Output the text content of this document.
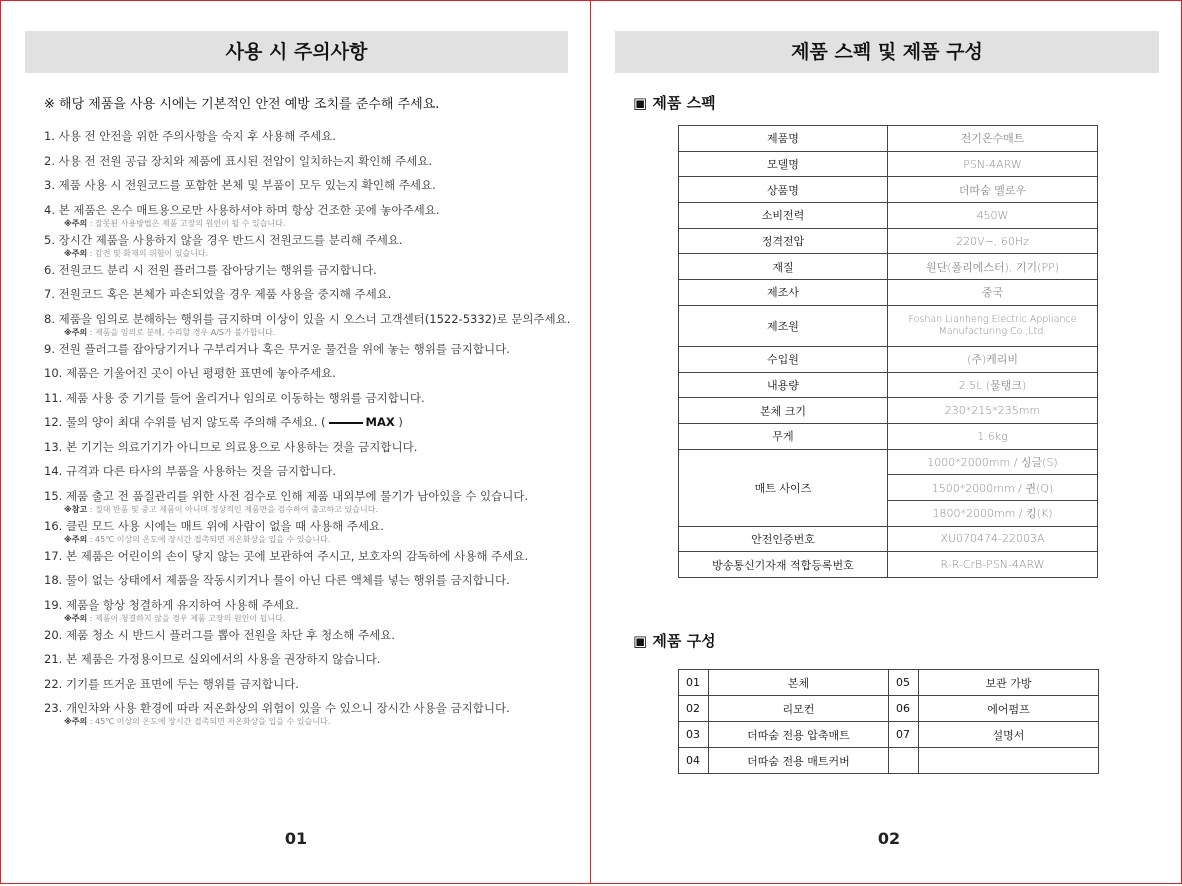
사용 시 주의사항
※ 해당 제품을 사용 시에는 기본적인 안전 예방 조치를 준수해 주세요.
1. 사용 전 안전을 위한 주의사항을 숙지 후 사용해 주세요.
2. 사용 전 전원 공급 장치와 제품에 표시된 전압이 일치하는지 확인해 주세요.
3. 제품 사용 시 전원코드를 포함한 본체 및 부품이 모두 있는지 확인해 주세요.
4. 본 제품은 온수 매트용으로만 사용하셔야 하며 항상 건조한 곳에 놓아주세요.
※주의 : 잘못된 사용방법은 제품 고장의 원인이 될 수 있습니다.
5. 장시간 제품을 사용하지 않을 경우 반드시 전원코드를 분리해 주세요.
※주의 : 감전 및 화재의 위험이 있습니다.
6. 전원코드 분리 시 전원 플러그를 잡아당기는 행위를 금지합니다.
7. 전원코드 혹은 본체가 파손되었을 경우 제품 사용을 중지해 주세요.
8. 제품을 임의로 분해하는 행위를 금지하며 이상이 있을 시 오스너 고객센터(1522-5332)로 문의주세요.
※주의 : 제품을 임의로 분해, 수리할 경우 A/S가 불가합니다.
9. 전원 플러그를 잡아당기거나 구부리거나 혹은 무거운 물건을 위에 놓는 행위를 금지합니다.
10. 제품은 기울어진 곳이 아닌 평평한 표면에 놓아주세요.
11. 제품 사용 중 기기를 들어 올리거나 임의로 이동하는 행위를 금지합니다.
12. 물의 양이 최대 수위를 넘지 않도록 주의해 주세요. (	MAX )
13. 본 기기는 의료기기가 아니므로 의료용으로 사용하는 것을 금지합니다.
14. 규격과 다른 타사의 부품을 사용하는 것을 금지합니다.
15. 제품 출고 전 품질관리를 위한 사전 검수로 인해 제품 내외부에 물기가 남아있을 수 있습니다.
※참고 : 절대 반품 및 중고 제품이 아니며 정상적인 제품만을 검수하여 출고하고 있습니다.
16. 클린 모드 사용 시에는 매트 위에 사람이 없을 때 사용해 주세요.
※주의 : 45℃ 이상의 온도에 장시간 접촉되면 저온화상을 입을 수 있습니다.
17. 본 제품은 어린이의 손이 닿지 않는 곳에 보관하여 주시고, 보호자의 감독하에 사용해 주세요.
18. 물이 없는 상태에서 제품을 작동시키거나 물이 아닌 다른 액체를 넣는 행위를 금지합니다.
19. 제품을 항상 청결하게 유지하여 사용해 주세요.
※주의 : 제품이 청결하지 않을 경우 제품 고장의 원인이 됩니다.
20. 제품 청소 시 반드시 플러그를 뽑아 전원을 차단 후 청소해 주세요.
21. 본 제품은 가정용이므로 실외에서의 사용을 권장하지 않습니다.
22. 기기를 뜨거운 표면에 두는 행위를 금지합니다.
23. 개인차와 사용 환경에 따라 저온화상의 위험이 있을 수 있으니 장시간 사용을 금지합니다.
※주의 : 45℃ 이상의 온도에 장시간 접촉되면 저온화상을 입을 수 있습니다.
01
제품 스펙 및 제품 구성
▣ 제품 스펙
제품명	전기온수매트
모델명	PSN-4ARW
상품명	더따숨 멜로우
소비전력	450W
정격전압	220V~, 60Hz
재질	원단(폴리에스터), 기기(PP)
제조사	중국
제조원	Foshan Lianheng Electric Appliance Manufacturing Co.,Ltd.
수입원	(주)케리비
내용량	2.5L (물탱크)
본체 크기	230*215*235mm
무게	1.6kg
매트 사이즈	1000*2000mm / 싱글(S)
	1500*2000mm / 퀸(Q)
	1800*2000mm / 킹(K)
안전인증번호	XU070474-22003A
방송통신기자재 적합등록번호	R-R-CrB-PSN-4ARW
▣ 제품 구성
01	본체	05	보관 가방
02	리모컨	06	에어펌프
03	더따숨 전용 압축매트	07	설명서
04	더따숨 전용 매트커버		
02
